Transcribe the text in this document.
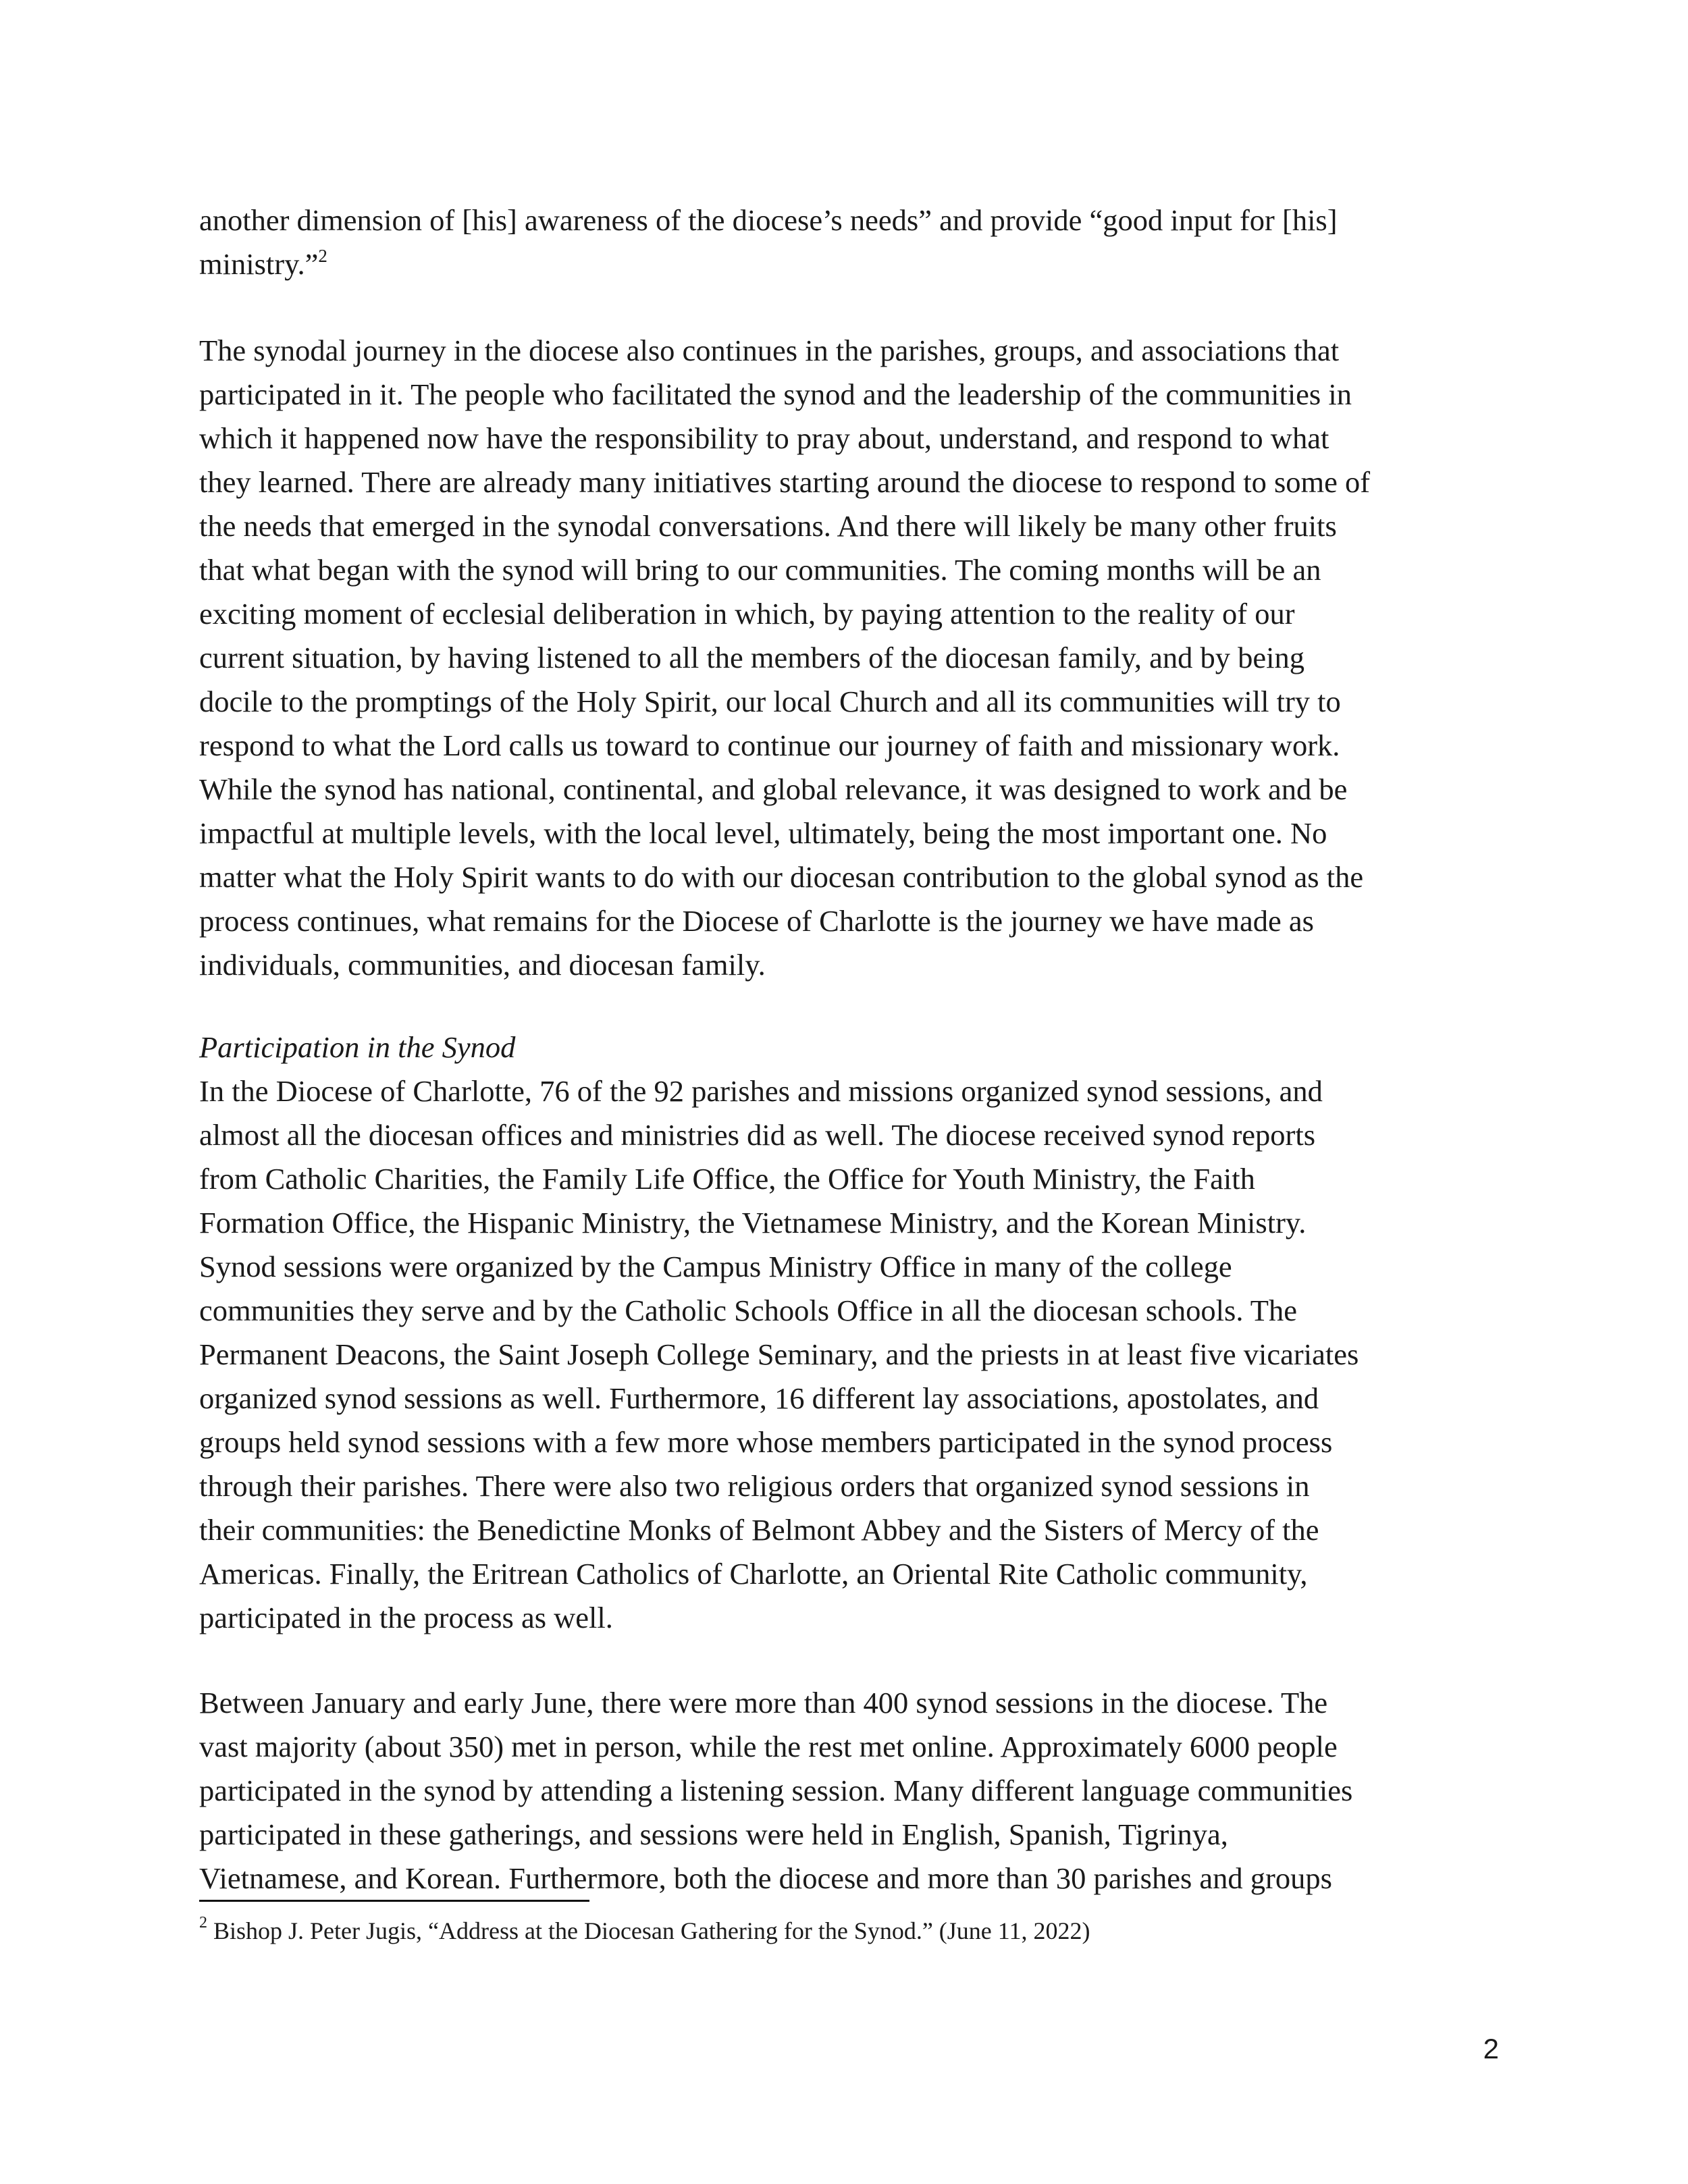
another dimension of [his] awareness of the diocese’s needs” and provide “good input for [his]
ministry.”$^2$

The synodal journey in the diocese also continues in the parishes, groups, and associations that
participated in it. The people who facilitated the synod and the leadership of the communities in
which it happened now have the responsibility to pray about, understand, and respond to what
they learned. There are already many initiatives starting around the diocese to respond to some of
the needs that emerged in the synodal conversations. And there will likely be many other fruits
that what began with the synod will bring to our communities. The coming months will be an
exciting moment of ecclesial deliberation in which, by paying attention to the reality of our
current situation, by having listened to all the members of the diocesan family, and by being
docile to the promptings of the Holy Spirit, our local Church and all its communities will try to
respond to what the Lord calls us toward to continue our journey of faith and missionary work.
While the synod has national, continental, and global relevance, it was designed to work and be
impactful at multiple levels, with the local level, ultimately, being the most important one. No
matter what the Holy Spirit wants to do with our diocesan contribution to the global synod as the
process continues, what remains for the Diocese of Charlotte is the journey we have made as
individuals, communities, and diocesan family.

Participation in the Synod

In the Diocese of Charlotte, 76 of the 92 parishes and missions organized synod sessions, and
almost all the diocesan offices and ministries did as well. The diocese received synod reports
from Catholic Charities, the Family Life Office, the Office for Youth Ministry, the Faith
Formation Office, the Hispanic Ministry, the Vietnamese Ministry, and the Korean Ministry.
Synod sessions were organized by the Campus Ministry Office in many of the college
communities they serve and by the Catholic Schools Office in all the diocesan schools. The
Permanent Deacons, the Saint Joseph College Seminary, and the priests in at least five vicariates
organized synod sessions as well. Furthermore, 16 different lay associations, apostolates, and
groups held synod sessions with a few more whose members participated in the synod process
through their parishes. There were also two religious orders that organized synod sessions in
their communities: the Benedictine Monks of Belmont Abbey and the Sisters of Mercy of the
Americas. Finally, the Eritrean Catholics of Charlotte, an Oriental Rite Catholic community,
participated in the process as well.

Between January and early June, there were more than 400 synod sessions in the diocese. The
vast majority (about 350) met in person, while the rest met online. Approximately 6000 people
participated in the synod by attending a listening session. Many different language communities
participated in these gatherings, and sessions were held in English, Spanish, Tigrinya,
Vietnamese, and Korean. Furthermore, both the diocese and more than 30 parishes and groups

$^2$ Bishop J. Peter Jugis, “Address at the Diocesan Gathering for the Synod.” (June 11, 2022)
2
